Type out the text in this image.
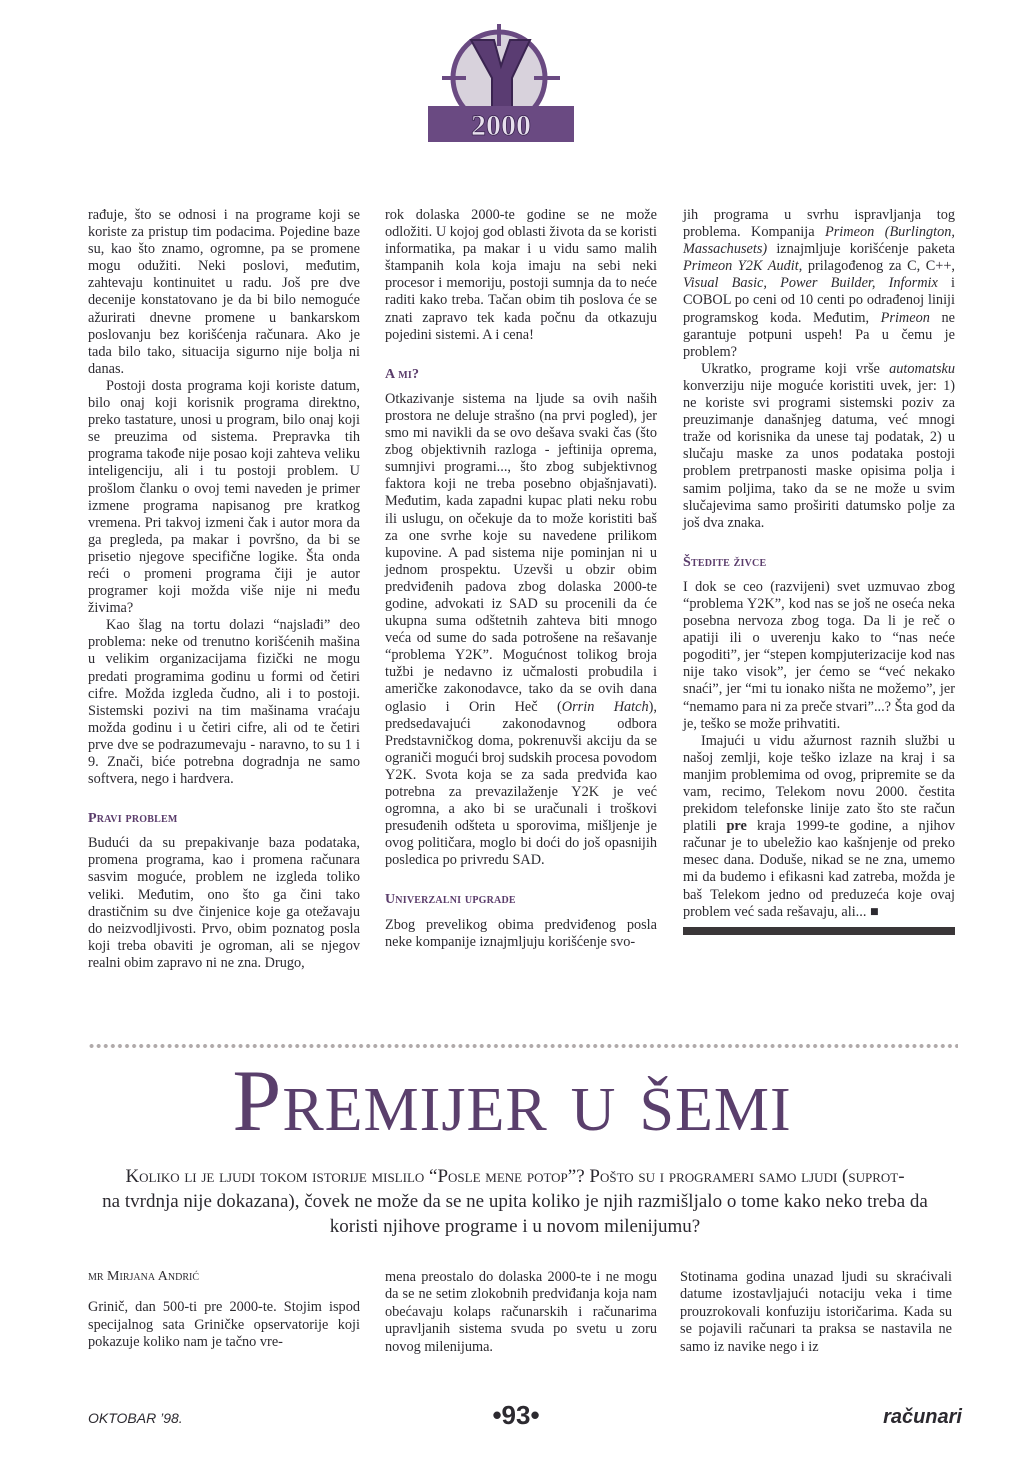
2000

rađuje, što se odnosi i na programe koji se koriste za pristup tim podacima. Pojedine baze su, kao što znamo, ogromne, pa se promene mogu odužiti. Neki poslovi, međutim, zahtevaju kontinuitet u radu. Još pre dve decenije konstatovano je da bi bilo nemoguće ažurirati dnevne promene u bankarskom poslovanju bez korišćenja računara. Ako je tada bilo tako, situacija sigurno nije bolja ni danas.

Postoji dosta programa koji koriste datum, bilo onaj koji korisnik programa direktno, preko tastature, unosi u program, bilo onaj koji se preuzima od sistema. Prepravka tih programa takođe nije posao koji zahteva veliku inteligenciju, ali i tu postoji problem. U prošlom članku o ovoj temi naveden je primer izmene programa napisanog pre kratkog vremena. Pri takvoj izmeni čak i autor mora da ga pregleda, pa makar i površno, da bi se prisetio njegove specifične logike. Šta onda reći o promeni programa čiji je autor programer koji možda više nije ni među živima?

Kao šlag na tortu dolazi “najslađi” deo problema: neke od trenutno korišćenih mašina u velikim organizacijama fizički ne mogu predati programima godinu u formi od četiri cifre. Možda izgleda čudno, ali i to postoji. Sistemski pozivi na tim mašinama vraćaju možda godinu i u četiri cifre, ali od te četiri prve dve se podrazumevaju - naravno, to su 1 i 9. Znači, biće potrebna dogradnja ne samo softvera, nego i hardvera.

Pravi problem

Budući da su prepakivanje baza podataka, promena programa, kao i promena računara sasvim moguće, problem ne izgleda toliko veliki. Međutim, ono što ga čini tako drastičnim su dve činjenice koje ga otežavaju do neizvodljivosti. Prvo, obim poznatog posla koji treba obaviti je ogroman, ali se njegov realni obim zapravo ni ne zna. Drugo,

rok dolaska 2000-te godine se ne može odložiti. U kojoj god oblasti života da se koristi informatika, pa makar i u vidu samo malih štampanih kola koja imaju na sebi neki procesor i memoriju, postoji sumnja da to neće raditi kako treba. Tačan obim tih poslova će se znati zapravo tek kada počnu da otkazuju pojedini sistemi. A i cena!

A mi?

Otkazivanje sistema na ljude sa ovih naših prostora ne deluje strašno (na prvi pogled), jer smo mi navikli da se ovo dešava svaki čas (što zbog objektivnih razloga - jeftinija oprema, sumnjivi programi..., što zbog subjektivnog faktora koji ne treba posebno objašnjavati). Međutim, kada zapadni kupac plati neku robu ili uslugu, on očekuje da to može koristiti baš za one svrhe koje su navedene prilikom kupovine. A pad sistema nije pominjan ni u jednom prospektu. Uzevši u obzir obim predviđenih padova zbog dolaska 2000-te godine, advokati iz SAD su procenili da će ukupna suma odštetnih zahteva biti mnogo veća od sume do sada potrošene na rešavanje “problema Y2K”. Mogućnost tolikog broja tužbi je nedavno iz učmalosti probudila i američke zakonodavce, tako da se ovih dana oglasio i Orin Heč (Orrin Hatch), predsedavajući zakonodavnog odbora Predstavničkog doma, pokrenuvši akciju da se ograniči mogući broj sudskih procesa povodom Y2K. Svota koja se za sada predviđa kao potrebna za prevazilaženje Y2K je već ogromna, a ako bi se uračunali i troškovi presuđenih odšteta u sporovima, mišljenje je ovog političara, moglo bi doći do još opasnijih posledica po privredu SAD.

Univerzalni upgrade

Zbog prevelikog obima predviđenog posla neke kompanije iznajmljuju korišćenje svo-

jih programa u svrhu ispravljanja tog problema. Kompanija Primeon (Burlington, Massachusets) iznajmljuje korišćenje paketa Primeon Y2K Audit, prilagođenog za C, C++, Visual Basic, Power Builder, Informix i COBOL po ceni od 10 centi po odrađenoj liniji programskog koda. Međutim, Primeon ne garantuje potpuni uspeh! Pa u čemu je problem?

Ukratko, programe koji vrše automatsku konverziju nije moguće koristiti uvek, jer: 1) ne koriste svi programi sistemski poziv za preuzimanje današnjeg datuma, već mnogi traže od korisnika da unese taj podatak, 2) u slučaju maske za unos podataka postoji problem pretrpanosti maske opisima polja i samim poljima, tako da se ne može u svim slučajevima samo proširiti datumsko polje za još dva znaka.

Štedite živce

I dok se ceo (razvijeni) svet uzmuvao zbog “problema Y2K”, kod nas se još ne oseća neka posebna nervoza zbog toga. Da li je reč o apatiji ili o uverenju kako to “nas neće pogoditi”, jer “stepen kompjuterizacije kod nas nije tako visok”, jer ćemo se “već nekako snaći”, jer “mi tu ionako ništa ne možemo”, jer “nemamo para ni za preče stvari”...? Šta god da je, teško se može prihvatiti.

Imajući u vidu ažurnost raznih službi u našoj zemlji, koje teško izlaze na kraj i sa manjim problemima od ovog, pripremite se da vam, recimo, Telekom novu 2000. čestita prekidom telefonske linije zato što ste račun platili pre kraja 1999-te godine, a njihov računar je to ubeležio kao kašnjenje od preko mesec dana. Doduše, nikad se ne zna, umemo mi da budemo i efikasni kad zatreba, možda je baš Telekom jedno od preduzeća koje ovaj problem već sada rešavaju, ali... ■

Premijer u šemi
Koliko li je ljudi tokom istorije mislilo “Posle mene potop”? Pošto su i programeri samo ljudi (suprot-
na tvrdnja nije dokazana), čovek ne može da se ne upita koliko je njih razmišljalo o tome kako neko treba da
koristi njihove programe i u novom milenijumu?
mr Mirjana Andrić

Grinič, dan 500-ti pre 2000-te. Stojim ispod specijalnog sata Griničke opservatorije koji pokazuje koliko nam je tačno vre-

mena preostalo do dolaska 2000-te i ne mogu da se ne setim zlokobnih predviđanja koja nam obećavaju kolaps računarskih i računarima upravljanih sistema svuda po svetu u zoru novog milenijuma.

Stotinama godina unazad ljudi su skraćivali datume izostavljajući notaciju veka i time prouzrokovali konfuziju istoričarima. Kada su se pojavili računari ta praksa se nastavila ne samo iz navike nego i iz

OKTOBAR ’98.	•93•	računari
